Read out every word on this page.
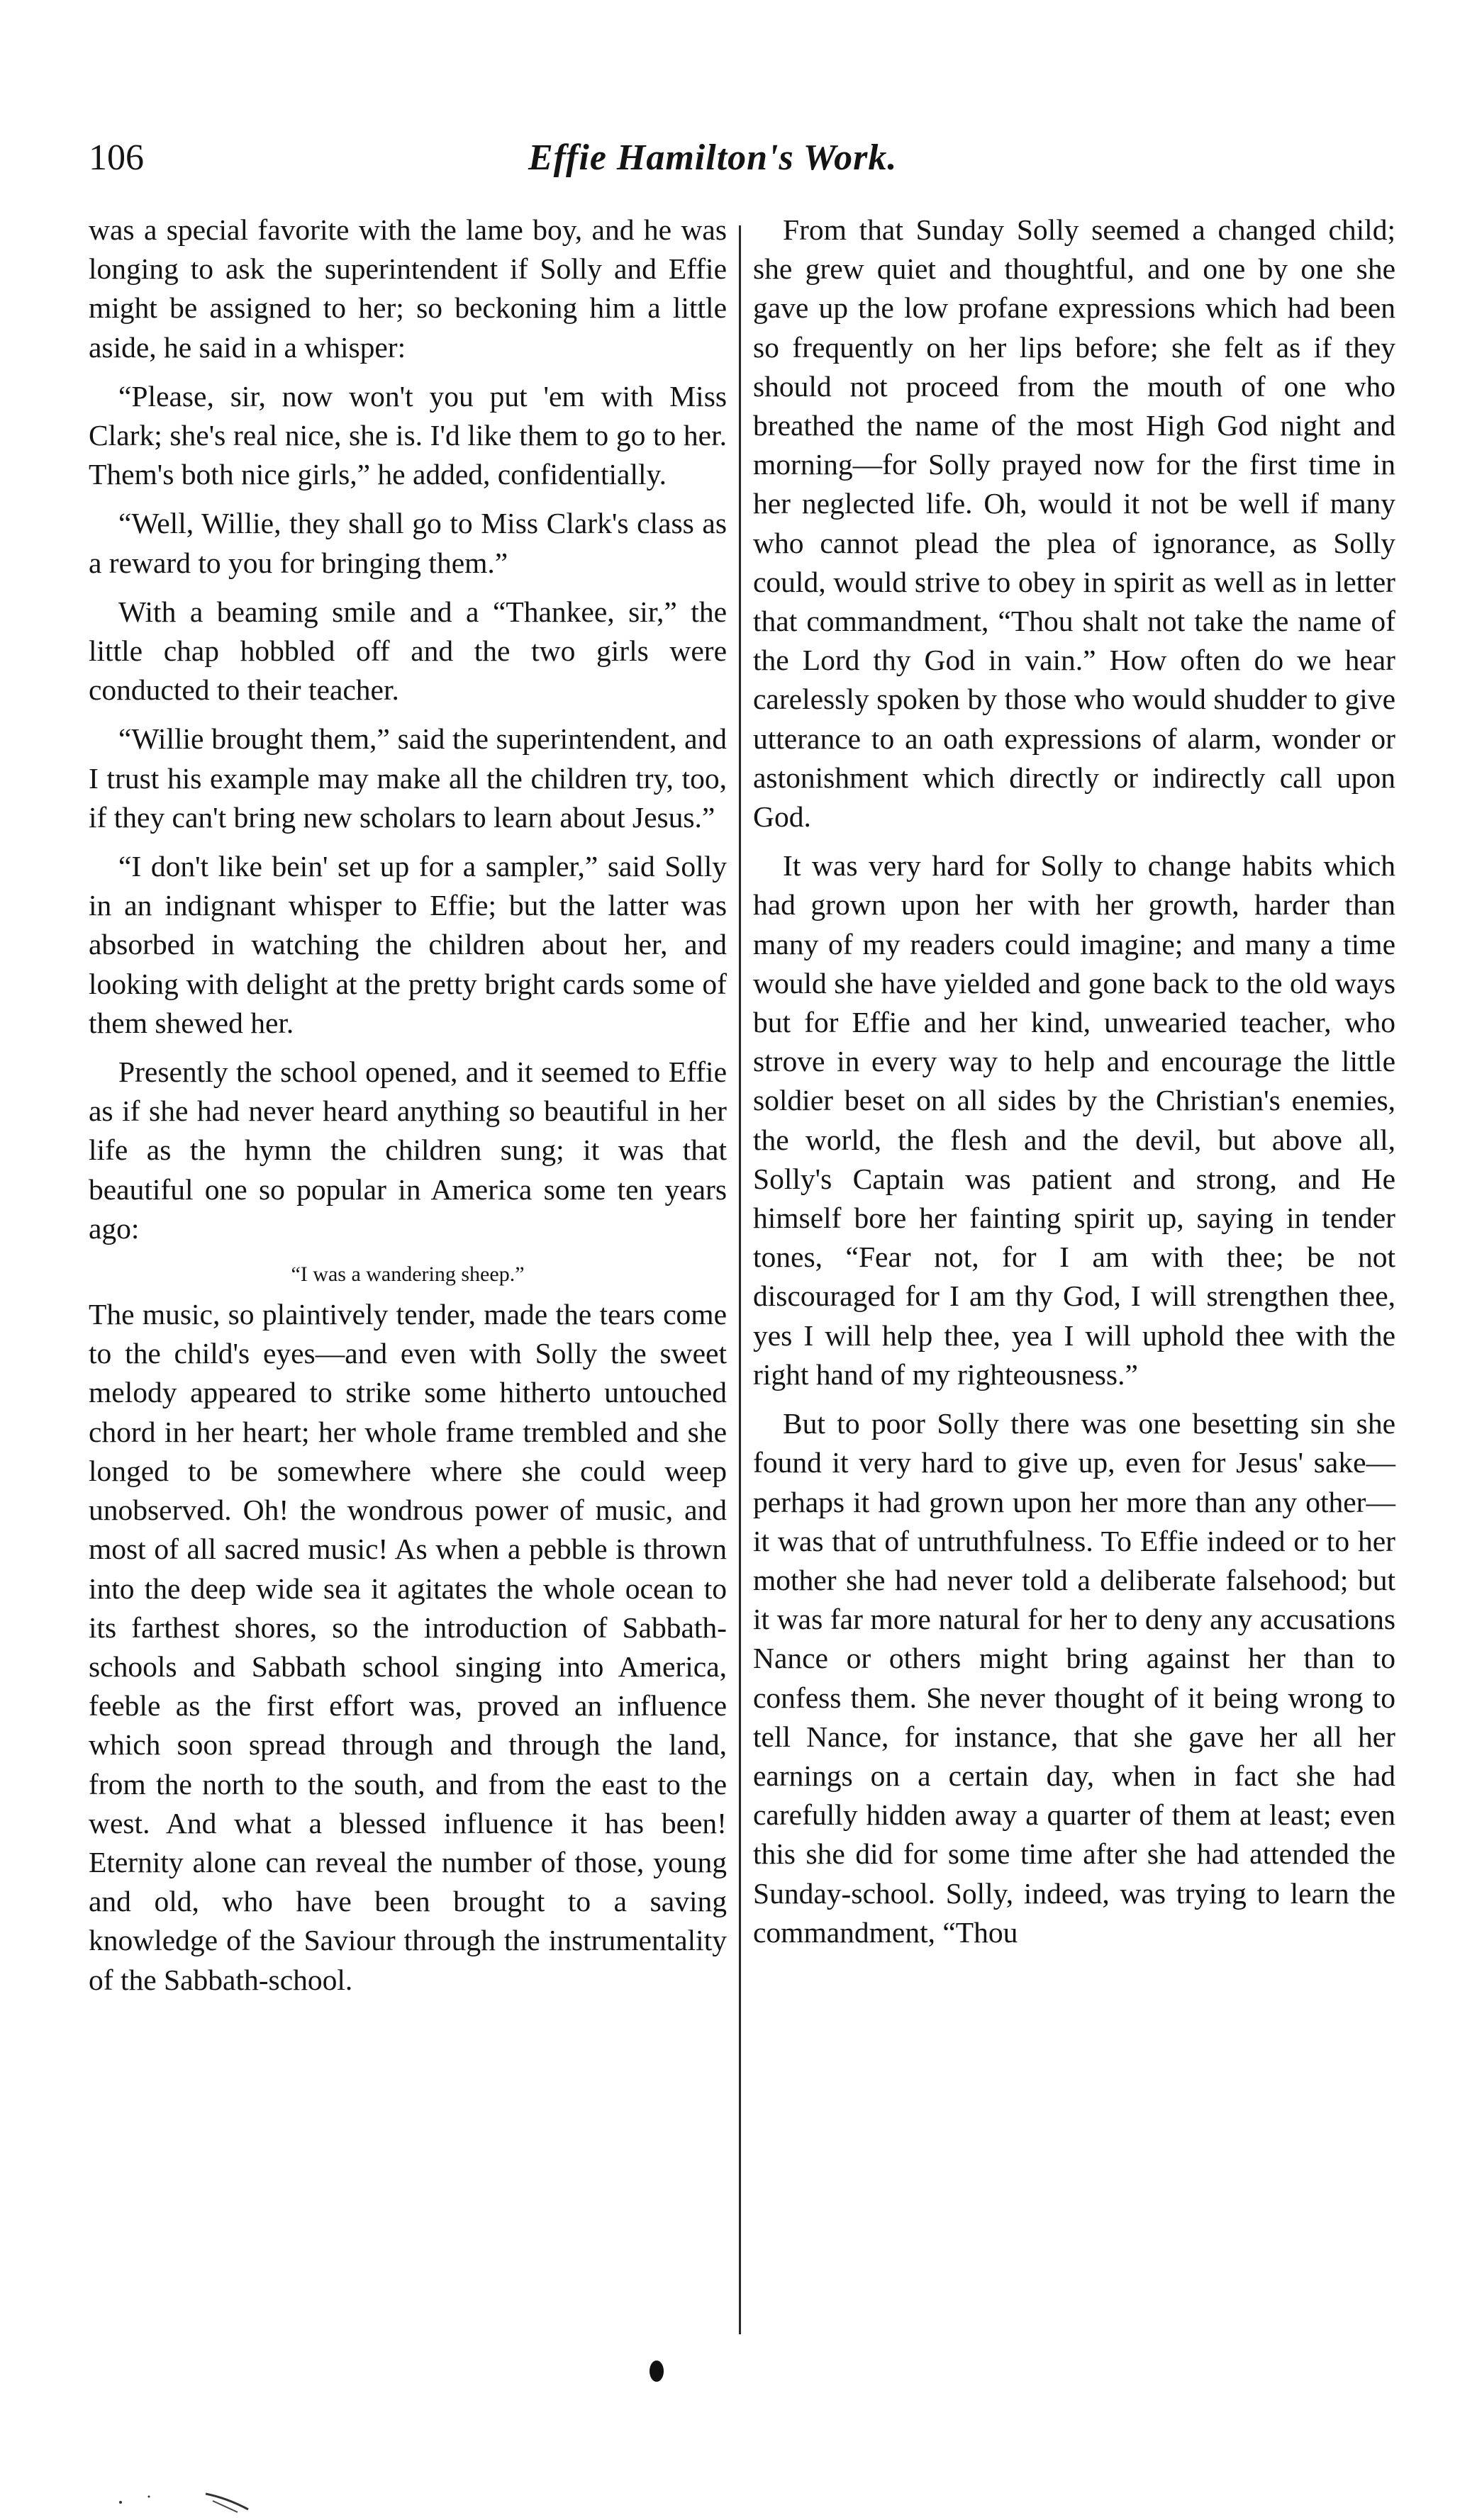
106	Effie Hamilton's Work.

was a special favorite with the lame boy, and he was longing to ask the superintendent if Solly and Effie might be assigned to her; so beckoning him a little aside, he said in a whisper:

“Please, sir, now won't you put 'em with Miss Clark; she's real nice, she is. I'd like them to go to her. Them's both nice girls,” he added, confidentially.

“Well, Willie, they shall go to Miss Clark's class as a reward to you for bringing them.”

With a beaming smile and a “Thankee, sir,” the little chap hobbled off and the two girls were conducted to their teacher.

“Willie brought them,” said the superintendent, and I trust his example may make all the children try, too, if they can't bring new scholars to learn about Jesus.”

“I don't like bein' set up for a sampler,” said Solly in an indignant whisper to Effie; but the latter was absorbed in watching the children about her, and looking with delight at the pretty bright cards some of them shewed her.

Presently the school opened, and it seemed to Effie as if she had never heard anything so beautiful in her life as the hymn the children sung; it was that beautiful one so popular in America some ten years ago:

“I was a wandering sheep.”

The music, so plaintively tender, made the tears come to the child's eyes—and even with Solly the sweet melody appeared to strike some hitherto untouched chord in her heart; her whole frame trembled and she longed to be somewhere where she could weep unobserved. Oh! the wondrous power of music, and most of all sacred music! As when a pebble is thrown into the deep wide sea it agitates the whole ocean to its farthest shores, so the introduction of Sabbath-schools and Sabbath school singing into America, feeble as the first effort was, proved an influence which soon spread through and through the land, from the north to the south, and from the east to the west. And what a blessed influence it has been! Eternity alone can reveal the number of those, young and old, who have been brought to a saving knowledge of the Saviour through the instrumentality of the Sabbath-school.

From that Sunday Solly seemed a changed child; she grew quiet and thoughtful, and one by one she gave up the low profane expressions which had been so frequently on her lips before; she felt as if they should not proceed from the mouth of one who breathed the name of the most High God night and morning—for Solly prayed now for the first time in her neglected life. Oh, would it not be well if many who cannot plead the plea of ignorance, as Solly could, would strive to obey in spirit as well as in letter that commandment, “Thou shalt not take the name of the Lord thy God in vain.” How often do we hear carelessly spoken by those who would shudder to give utterance to an oath expressions of alarm, wonder or astonishment which directly or indirectly call upon God.

It was very hard for Solly to change habits which had grown upon her with her growth, harder than many of my readers could imagine; and many a time would she have yielded and gone back to the old ways but for Effie and her kind, unwearied teacher, who strove in every way to help and encourage the little soldier beset on all sides by the Christian's enemies, the world, the flesh and the devil, but above all, Solly's Captain was patient and strong, and He himself bore her fainting spirit up, saying in tender tones, “Fear not, for I am with thee; be not discouraged for I am thy God, I will strengthen thee, yes I will help thee, yea I will uphold thee with the right hand of my righteousness.”

But to poor Solly there was one besetting sin she found it very hard to give up, even for Jesus' sake—perhaps it had grown upon her more than any other—it was that of untruthfulness. To Effie indeed or to her mother she had never told a deliberate falsehood; but it was far more natural for her to deny any accusations Nance or others might bring against her than to confess them. She never thought of it being wrong to tell Nance, for instance, that she gave her all her earnings on a certain day, when in fact she had carefully hidden away a quarter of them at least; even this she did for some time after she had attended the Sunday-school. Solly, indeed, was trying to learn the commandment, “Thou
